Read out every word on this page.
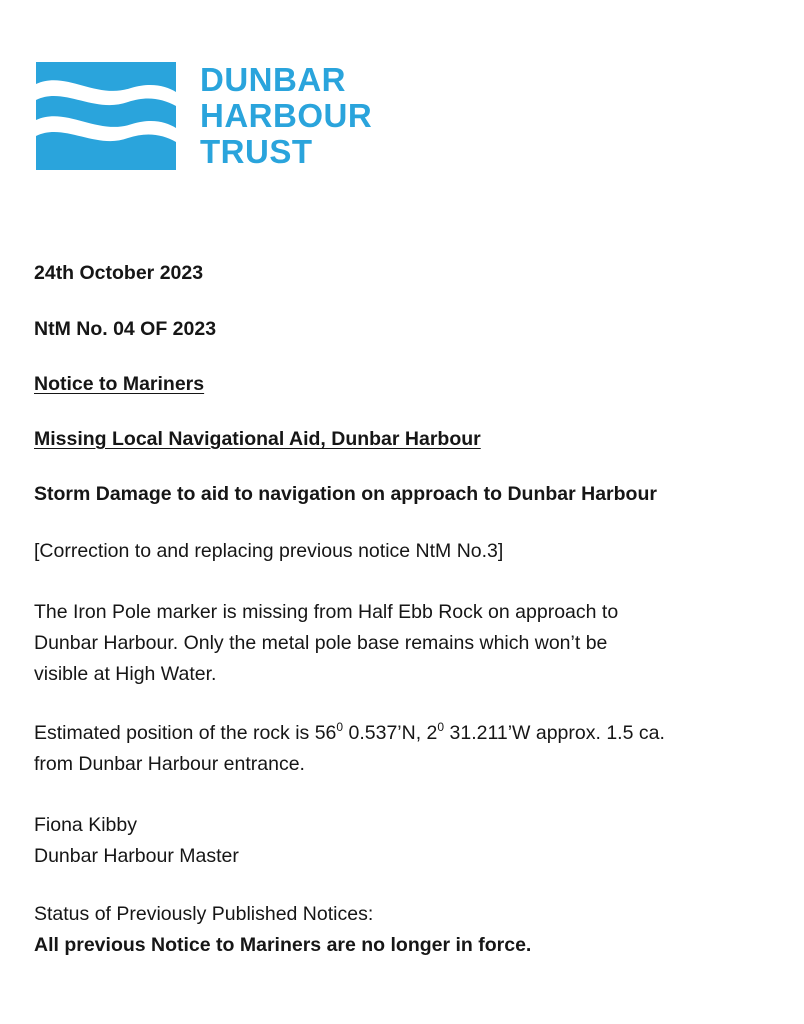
DUNBAR
HARBOUR
TRUST
24th October 2023
NtM No. 04 OF 2023
Notice to Mariners
Missing Local Navigational Aid, Dunbar Harbour
Storm Damage to aid to navigation on approach to Dunbar Harbour
[Correction to and replacing previous notice NtM No.3]
The Iron Pole marker is missing from Half Ebb Rock on approach to
Dunbar Harbour. Only the metal pole base remains which won’t be
visible at High Water.
Estimated position of the rock is $56^0$ 0.537’N, $2^0$ 31.211’W approx. 1.5 ca.
from Dunbar Harbour entrance.
Fiona Kibby
Dunbar Harbour Master
Status of Previously Published Notices:
All previous Notice to Mariners are no longer in force.
